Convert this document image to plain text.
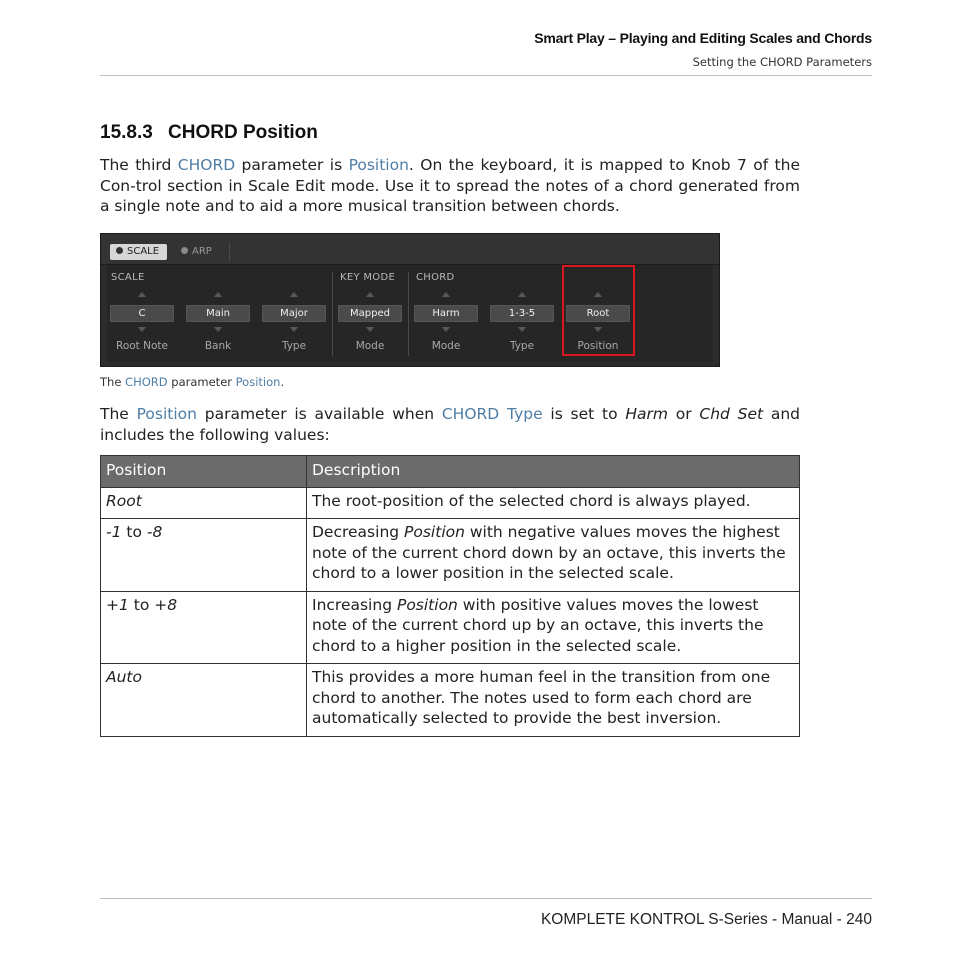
Smart Play – Playing and Editing Scales and Chords
Setting the CHORD Parameters
15.8.3 CHORD Position
The third CHORD parameter is Position. On the keyboard, it is mapped to Knob 7 of the Con-trol section in Scale Edit mode. Use it to spread the notes of a chord generated from a single note and to aid a more musical transition between chords.
SCALE	ARP
SCALE	KEY MODE CHORD
C
Root Note
Main
Bank
Major
Type
Mapped
Mode
Harm
Mode
1-3-5
Type
Root
Position
The CHORD parameter Position.
The Position parameter is available when CHORD Type is set to Harm or Chd Set and includes the following values:
Position	Description
Root	The root-position of the selected chord is always played.
-1 to -8	Decreasing Position with negative values moves the highest note of the current chord down by an octave, this inverts the chord to a lower position in the selected scale.
+1 to +8	Increasing Position with positive values moves the lowest note of the current chord up by an octave, this inverts the chord to a higher position in the selected scale.
Auto	This provides a more human feel in the transition from one chord to another. The notes used to form each chord are automatically selected to provide the best inversion.
KOMPLETE KONTROL S-Series - Manual - 240
